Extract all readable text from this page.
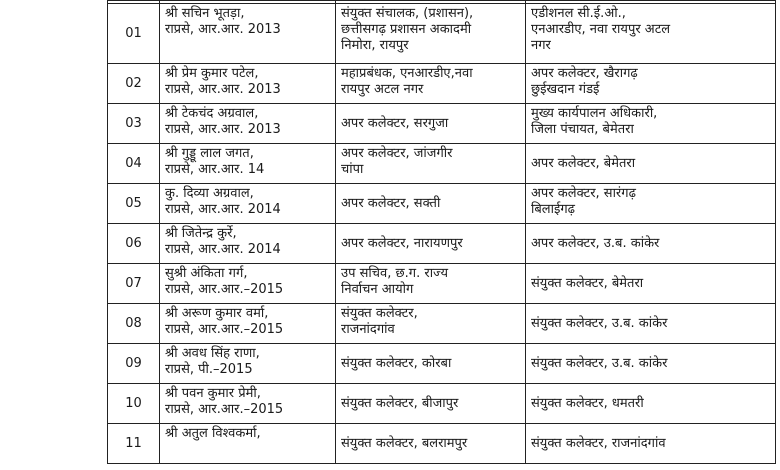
01	श्री सचिन भूतड़ा,
राप्रसे, आर.आर. 2013	संयुक्त संचालक, (प्रशासन),
छत्तीसगढ़ प्रशासन अकादमी
निमोरा, रायपुर	एडीशनल सी.ई.ओ.,
एनआरडीए, नवा रायपुर अटल
नगर

02	श्री प्रेम कुमार पटेल,
राप्रसे, आर.आर. 2013	महाप्रबंधक, एनआरडीए,नवा
रायपुर अटल नगर	अपर कलेक्टर, खैरागढ़
छुईखदान गंडई

03	श्री टेकचंद अग्रवाल,
राप्रसे, आर.आर. 2013	अपर कलेक्टर, सरगुजा	मुख्य कार्यपालन अधिकारी,
जिला पंचायत, बेमेतरा

04	श्री गुड्डू लाल जगत,
राप्रसे, आर.आर. 14	अपर कलेक्टर, जांजगीर
चांपा	अपर कलेक्टर, बेमेतरा

05	कु. दिव्या अग्रवाल,
राप्रसे, आर.आर. 2014	अपर कलेक्टर, सक्ती	अपर कलेक्टर, सारंगढ़
बिलाईगढ़

06	श्री जितेन्द्र कुर्रे,
राप्रसे, आर.आर. 2014	अपर कलेक्टर, नारायणपुर	अपर कलेक्टर, उ.ब. कांकेर

07	सुश्री अंकिता गर्ग,
राप्रसे, आर.आर.–2015	उप सचिव, छ.ग. राज्य
निर्वाचन आयोग	संयुक्त कलेक्टर, बेमेतरा

08	श्री अरूण कुमार वर्मा,
राप्रसे, आर.आर.–2015	संयुक्त कलेक्टर,
राजनांदगांव	संयुक्त कलेक्टर, उ.ब. कांकेर

09	श्री अवध सिंह राणा,
राप्रसे, पी.–2015	संयुक्त कलेक्टर, कोरबा	संयुक्त कलेक्टर, उ.ब. कांकेर

10	श्री पवन कुमार प्रेमी,
राप्रसे, आर.आर.–2015	संयुक्त कलेक्टर, बीजापुर	संयुक्त कलेक्टर, धमतरी

11	श्री अतुल विश्वकर्मा,	संयुक्त कलेक्टर, बलरामपुर	संयुक्त कलेक्टर, राजनांदगांव
